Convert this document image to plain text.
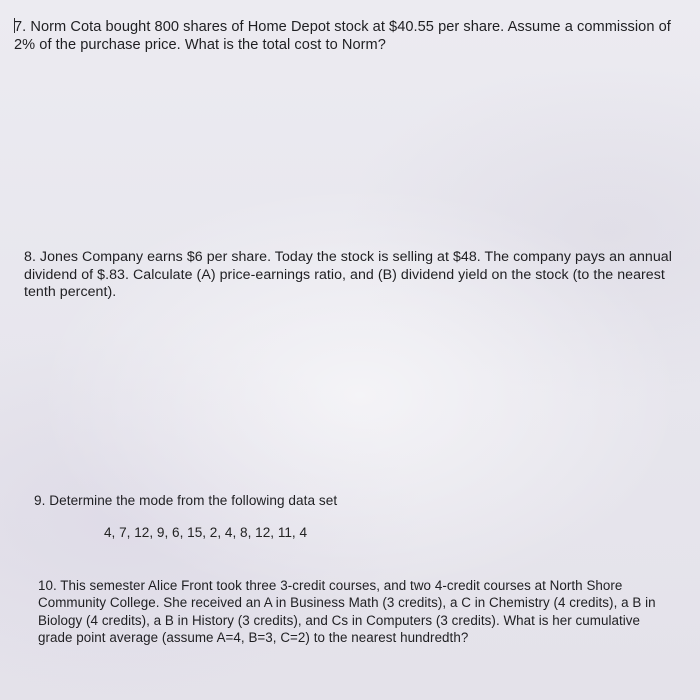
7. Norm Cota bought 800 shares of Home Depot stock at $40.55 per share. Assume a commission of 2% of the purchase price. What is the total cost to Norm?

8. Jones Company earns $6 per share. Today the stock is selling at $48. The company pays an annual dividend of $.83. Calculate (A) price-earnings ratio, and (B) dividend yield on the stock (to the nearest tenth percent).

9. Determine the mode from the following data set

4, 7, 12, 9, 6, 15, 2, 4, 8, 12, 11, 4

10. This semester Alice Front took three 3-credit courses, and two 4-credit courses at North Shore Community College. She received an A in Business Math (3 credits), a C in Chemistry (4 credits), a B in Biology (4 credits), a B in History (3 credits), and Cs in Computers (3 credits). What is her cumulative grade point average (assume A=4, B=3, C=2) to the nearest hundredth?
